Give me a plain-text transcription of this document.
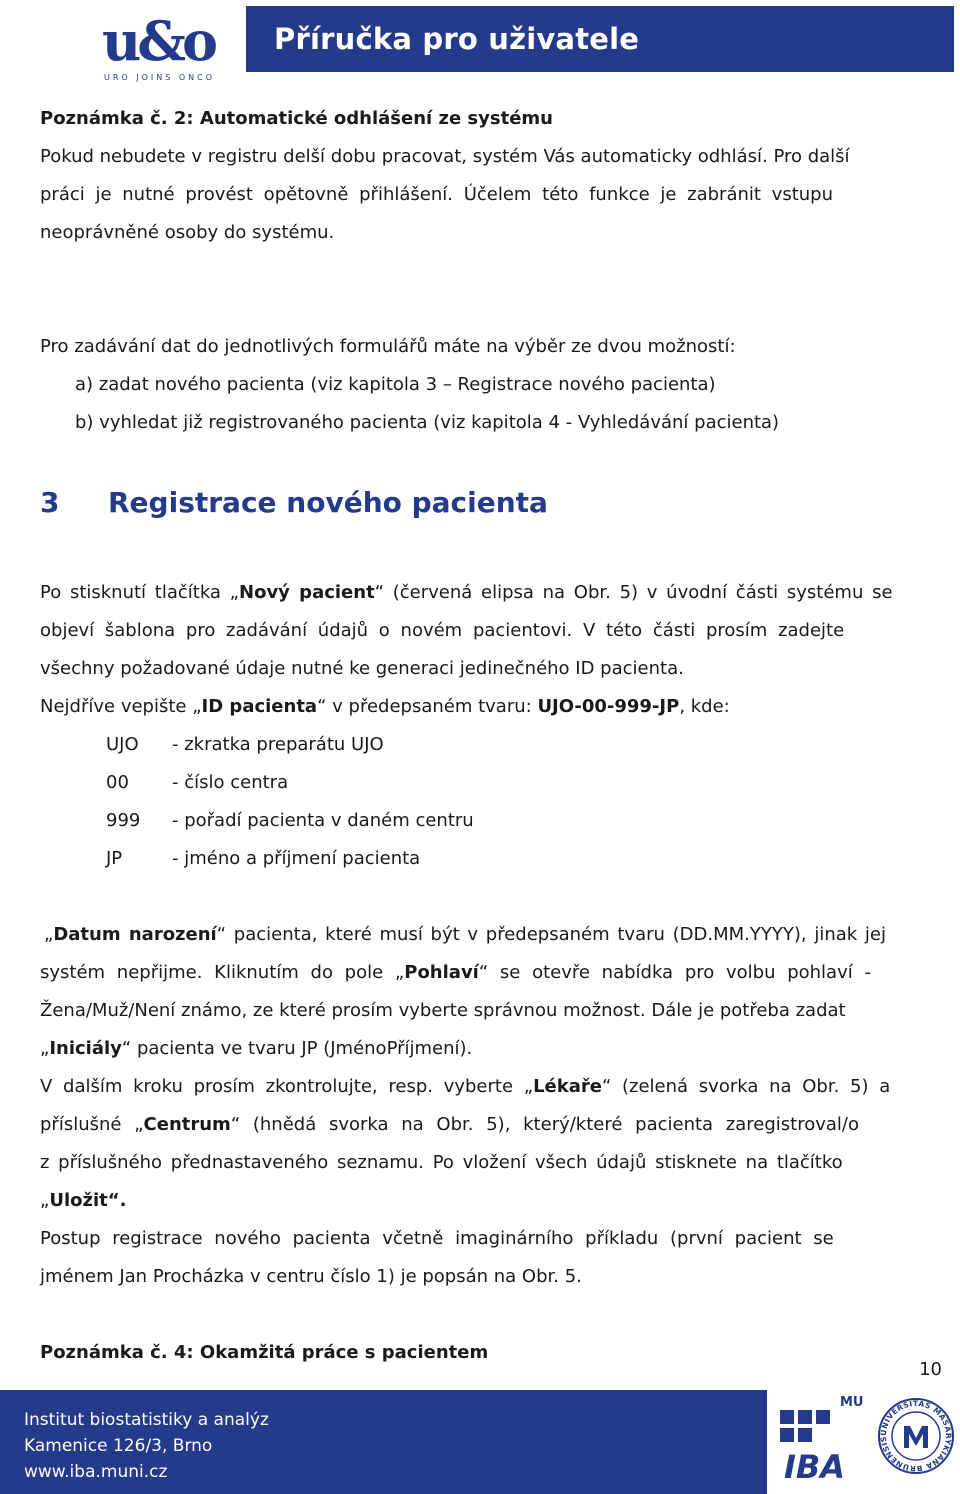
u&o
URO JOINS ONCO
Příručka pro uživatele
Poznámka č. 2: Automatické odhlášení ze systému
Pokud nebudete v registru delší dobu pracovat, systém Vás automaticky odhlásí. Pro další
práci je nutné provést opětovně přihlášení. Účelem této funkce je zabránit vstupu
neoprávněné osoby do systému.
Pro zadávání dat do jednotlivých formulářů máte na výběr ze dvou možností:
a) zadat nového pacienta (viz kapitola 3 – Registrace nového pacienta)
b) vyhledat již registrovaného pacienta (viz kapitola 4 - Vyhledávání pacienta)
3 Registrace nového pacienta
Po stisknutí tlačítka „Nový pacient“ (červená elipsa na Obr. 5) v úvodní části systému se
objeví šablona pro zadávání údajů o novém pacientovi. V této části prosím zadejte
všechny požadované údaje nutné ke generaci jedinečného ID pacienta.
Nejdříve vepište „ID pacienta“ v předepsaném tvaru: UJO-00-999-JP, kde:
UJO - zkratka preparátu UJO
00 - číslo centra
999 - pořadí pacienta v daném centru
JP	- jméno a příjmení pacienta
„Datum narození“ pacienta, které musí být v předepsaném tvaru (DD.MM.YYYY), jinak jej
systém nepřijme. Kliknutím do pole „Pohlaví“ se otevře nabídka pro volbu pohlaví -
Žena/Muž/Není známo, ze které prosím vyberte správnou možnost. Dále je potřeba zadat
„Iniciály“ pacienta ve tvaru JP (JménoPříjmení).
V dalším kroku prosím zkontrolujte, resp. vyberte „Lékaře“ (zelená svorka na Obr. 5) a
příslušné „Centrum“ (hnědá svorka na Obr. 5), který/které pacienta zaregistroval/o
z příslušného přednastaveného seznamu. Po vložení všech údajů stisknete na tlačítko
„Uložit“.
Postup registrace nového pacienta včetně imaginárního příkladu (první pacient se
jménem Jan Procházka v centru číslo 1) je popsán na Obr. 5.
Poznámka č. 4: Okamžitá práce s pacientem
10
Institut biostatistiky a analýz
Kamenice 126/3, Brno
www.iba.muni.cz
MU
IBA
UNIVERSITAS MASARYKIANA BRUNENSIS
